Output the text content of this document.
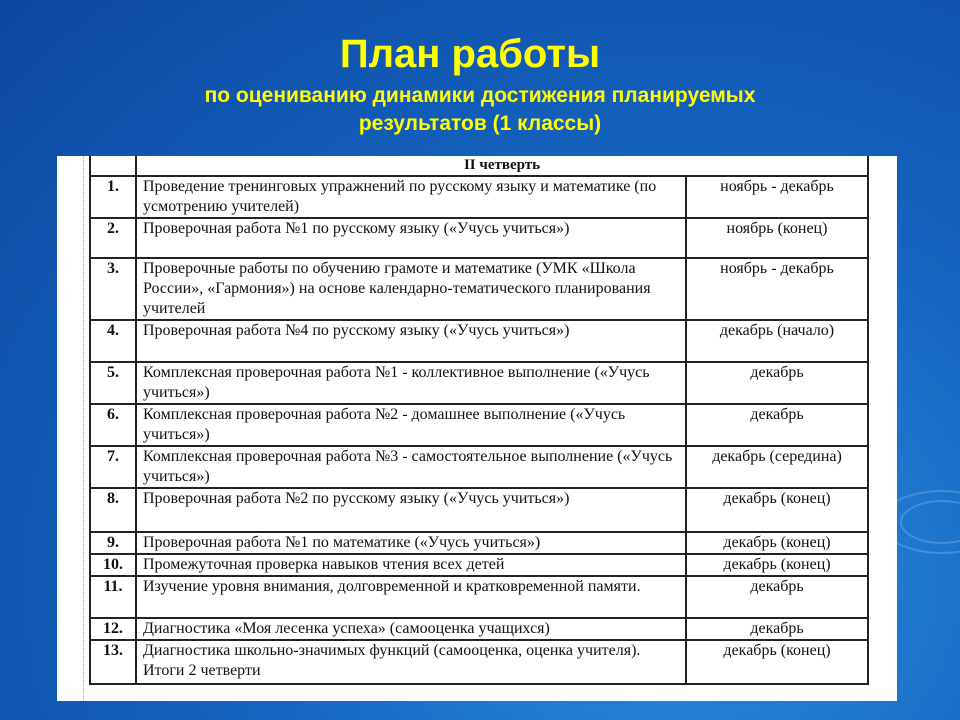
План работы
по оцениванию динамики достижения планируемых
результатов (1 классы)
	II четверть	
1.	Проведение тренинговых упражнений по русскому языку и математике (по усмотрению учителей)	ноябрь - декабрь
2.	Проверочная работа №1 по русскому языку («Учусь учиться»)	ноябрь (конец)
3.	Проверочные работы по обучению грамоте и математике (УМК «Школа России», «Гармония») на основе календарно-тематического планирования учителей	ноябрь - декабрь
4.	Проверочная работа №4 по русскому языку («Учусь учиться»)	декабрь (начало)
5.	Комплексная проверочная работа №1 - коллективное выполнение («Учусь учиться»)	декабрь
6.	Комплексная проверочная работа №2 - домашнее выполнение («Учусь учиться»)	декабрь
7.	Комплексная проверочная работа №3 - самостоятельное выполнение («Учусь учиться»)	декабрь (середина)
8.	Проверочная работа №2 по русскому языку («Учусь учиться»)	декабрь (конец)
9.	Проверочная работа №1 по математике («Учусь учиться»)	декабрь (конец)
10.	Промежуточная проверка навыков чтения всех детей	декабрь (конец)
11.	Изучение уровня внимания, долговременной и кратковременной памяти.	декабрь
12.	Диагностика «Моя лесенка успеха» (самооценка учащихся)	декабрь
13.	Диагностика школьно-значимых функций (самооценка, оценка учителя). Итоги 2 четверти	декабрь (конец)
Shared
